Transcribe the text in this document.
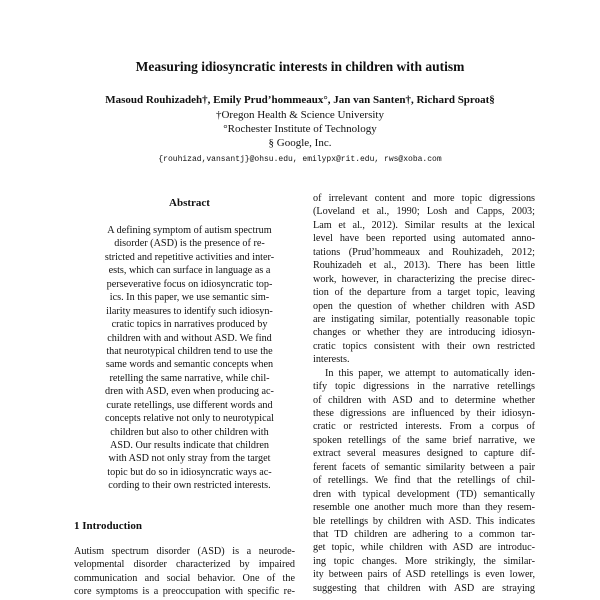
Measuring idiosyncratic interests in children with autism
Masoud Rouhizadeh†, Emily Prud’hommeaux°, Jan van Santen†, Richard Sproat§
†Oregon Health & Science University
°Rochester Institute of Technology
§ Google, Inc.
{rouhizad,vansantj}@ohsu.edu, emilypx@rit.edu, rws@xoba.com
Abstract
A defining symptom of autism spectrum
disorder (ASD) is the presence of re-
stricted and repetitive activities and inter-
ests, which can surface in language as a
perseverative focus on idiosyncratic top-
ics. In this paper, we use semantic sim-
ilarity measures to identify such idiosyn-
cratic topics in narratives produced by
children with and without ASD. We find
that neurotypical children tend to use the
same words and semantic concepts when
retelling the same narrative, while chil-
dren with ASD, even when producing ac-
curate retellings, use different words and
concepts relative not only to neurotypical
children but also to other children with
ASD. Our results indicate that children
with ASD not only stray from the target
topic but do so in idiosyncratic ways ac-
cording to their own restricted interests.
1 Introduction
Autism spectrum disorder (ASD) is a neurode-
velopmental disorder characterized by impaired
communication and social behavior. One of the
core symptoms is a preoccupation with specific re-
of irrelevant content and more topic digressions
(Loveland et al., 1990; Losh and Capps, 2003;
Lam et al., 2012). Similar results at the lexical
level have been reported using automated anno-
tations (Prud’hommeaux and Rouhizadeh, 2012;
Rouhizadeh et al., 2013). There has been little
work, however, in characterizing the precise direc-
tion of the departure from a target topic, leaving
open the question of whether children with ASD
are instigating similar, potentially reasonable topic
changes or whether they are introducing idiosyn-
cratic topics consistent with their own restricted
interests.
In this paper, we attempt to automatically iden-
tify topic digressions in the narrative retellings
of children with ASD and to determine whether
these digressions are influenced by their idiosyn-
cratic or restricted interests. From a corpus of
spoken retellings of the same brief narrative, we
extract several measures designed to capture dif-
ferent facets of semantic similarity between a pair
of retellings. We find that the retellings of chil-
dren with typical development (TD) semantically
resemble one another much more than they resem-
ble retellings by children with ASD. This indicates
that TD children are adhering to a common tar-
get topic, while children with ASD are introduc-
ing topic changes. More strikingly, the similar-
ity between pairs of ASD retellings is even lower,
suggesting that children with ASD are straying
